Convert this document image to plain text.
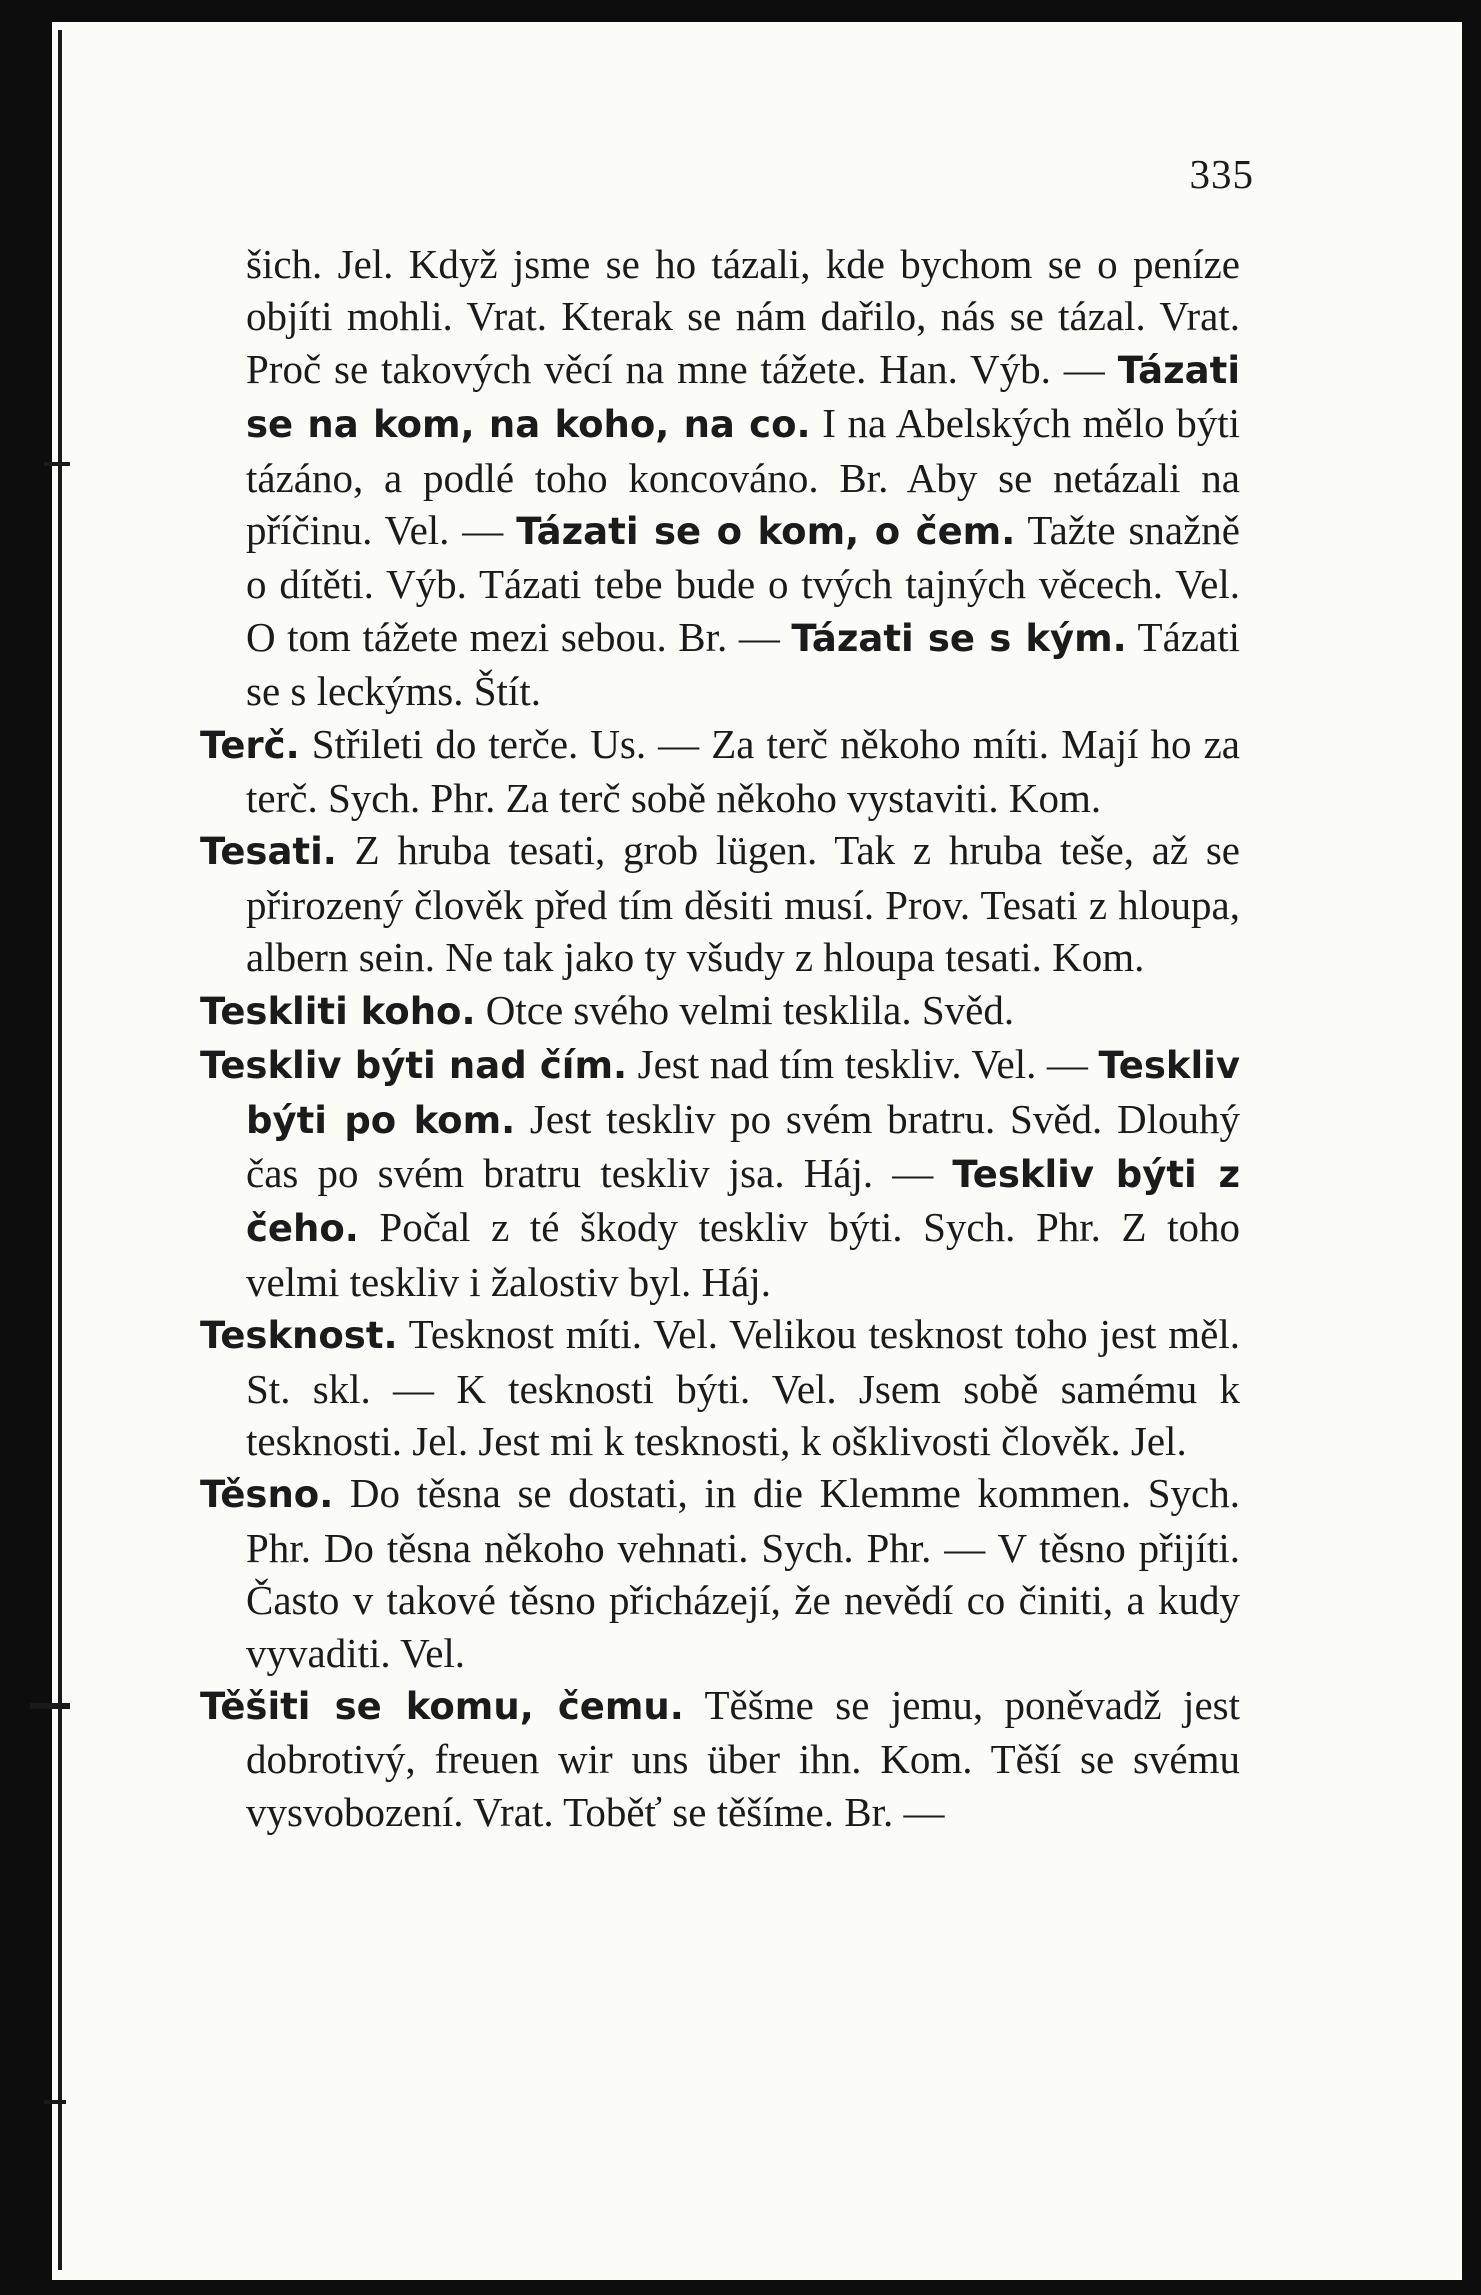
335

šich. Jel. Když jsme se ho tázali, kde bychom se o peníze objíti mohli. Vrat. Kterak se nám dařilo, nás se tázal. Vrat. Proč se takových věcí na mne tážete. Han. Výb. — Tázati se na kom, na koho, na co. I na Abelských mělo býti tázáno, a podlé toho koncováno. Br. Aby se netázali na příčinu. Vel. — Tázati se o kom, o čem. Tažte snažně o dítěti. Výb. Tázati tebe bude o tvých tajných věcech. Vel. O tom tážete mezi sebou. Br. — Tázati se s kým. Tázati se s leckýms. Štít.

Terč. Střileti do terče. Us. — Za terč někoho míti. Mají ho za terč. Sych. Phr. Za terč sobě někoho vystaviti. Kom.

Tesati. Z hruba tesati, grob lügen. Tak z hruba teše, až se přirozený člověk před tím děsiti musí. Prov. Tesati z hloupa, albern sein. Ne tak jako ty všudy z hloupa tesati. Kom.

Teskliti koho. Otce svého velmi tesklila. Svěd.

Teskliv býti nad čím. Jest nad tím teskliv. Vel. — Teskliv býti po kom. Jest teskliv po svém bratru. Svěd. Dlouhý čas po svém bratru teskliv jsa. Háj. — Teskliv býti z čeho. Počal z té škody teskliv býti. Sych. Phr. Z toho velmi teskliv i žalostiv byl. Háj.

Tesknost. Tesknost míti. Vel. Velikou tesknost toho jest měl. St. skl. — K tesknosti býti. Vel. Jsem sobě samému k tesknosti. Jel. Jest mi k tesknosti, k ošklivosti člověk. Jel.

Těsno. Do těsna se dostati, in die Klemme kommen. Sych. Phr. Do těsna někoho vehnati. Sych. Phr. — V těsno přijíti. Často v takové těsno přicházejí, že nevědí co činiti, a kudy vyvaditi. Vel.

Těšiti se komu, čemu. Těšme se jemu, poněvadž jest dobrotivý, freuen wir uns über ihn. Kom. Těší se svému vysvobození. Vrat. Toběť se těšíme. Br. —
